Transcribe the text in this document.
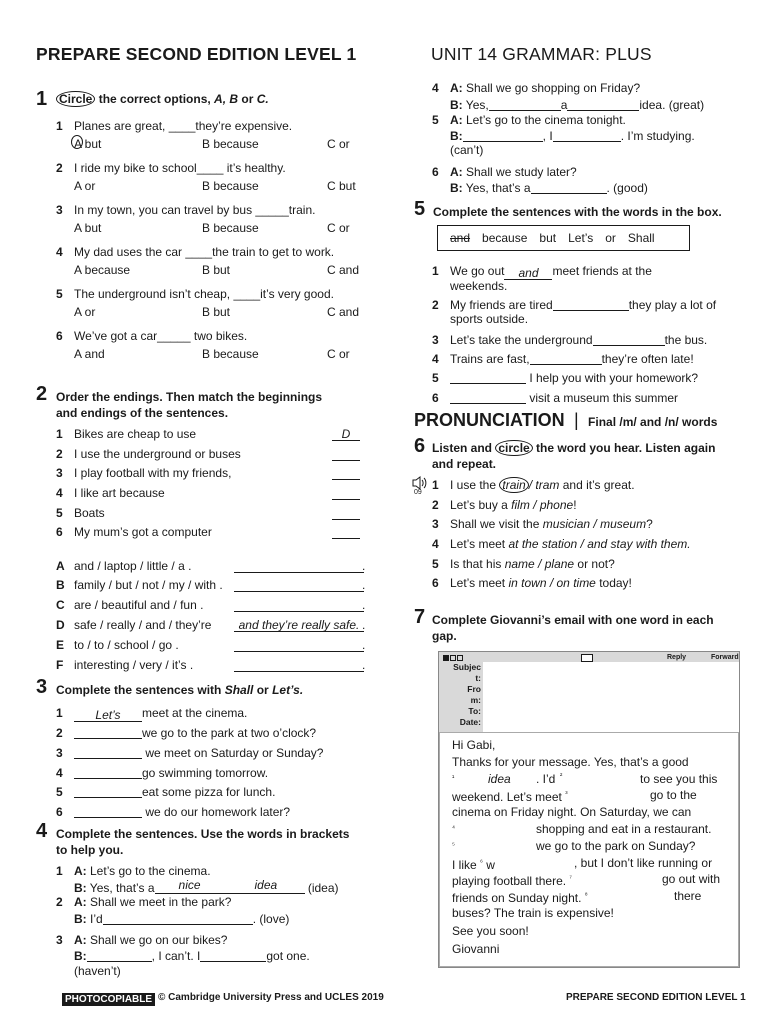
PREPARE SECOND EDITION LEVEL 1	UNIT 14 GRAMMAR: PLUS
1 Circle the correct options, A, B or C.
1 Planes are great, ____they’re expensive.
A but	B because	C or
2 I ride my bike to school____ it’s healthy.
A or	B because	C but
3 In my town, you can travel by bus _____train.
A but	B because	C or
4 My dad uses the car ____the train to get to work.
A because	B but	C and
5 The underground isn’t cheap, ____it’s very good.
A or	B but	C and
6 We’ve got a car_____ two bikes.
A and	B because	C or
2 Order the endings. Then match the beginnings
and endings of the sentences.
1 Bikes are cheap to use	D
2 I use the underground or buses
3 I play football with my friends,
4 I like art because
5 Boats
6 My mum’s got a computer
A and / laptop / little / a .	.
B family / but / not / my / with .	.
C are / beautiful and / fun .	.
D safe / really / and / they’re	and they’re really safe. .
E to / to / school / go .	.
F interesting / very / it’s .	.
3 Complete the sentences with Shall or Let’s.
1	Let’s meet at the cinema.
2	we go to the park at two o’clock?
3	we meet on Saturday or Sunday?
4	go swimming tomorrow.
5	eat some pizza for lunch.
6	we do our homework later?
4 Complete the sentences. Use the words in brackets
to help you.
1 A: Let’s go to the cinema.
B: Yes, that’s a nice	idea (idea)
2 A: Shall we meet in the park?
B: I’d	. (love)
3 A: Shall we go on our bikes?
B:	, I can’t. I	got one.
(haven’t)
4 A: Shall we go shopping on Friday?
B: Yes,	a	idea. (great)
5 A: Let’s go to the cinema tonight.
B:	, I	. I’m studying.
(can’t)
6 A: Shall we study later?
B: Yes, that’s a	. (good)
5 Complete the sentences with the words in the box.
and because but Let’s or Shall
1 We go out and meet friends at the
weekends.
2 My friends are tired	they play a lot of
sports outside.
3 Let’s take the underground	the bus.
4 Trains are fast,	they’re often late!
5	I help you with your homework?
6	visit a museum this summer
PRONUNCIATION | Final /m/ and /n/ words
6 Listen and circle the word you hear. Listen again
and repeat.
09
1 I use the train / tram and it’s great.
2 Let’s buy a film / phone!
3 Shall we visit the musician / museum?
4 Let’s meet at the station / and stay with them.
5 Is that his name / plane or not?
6 Let’s meet in town / on time today!
7 Complete Giovanni’s email with one word in each
gap.
Reply	Forward
Subjec
t:
Fro
m:
To:
Date:
Hi Gabi,
Thanks for your message. Yes, that’s a good
$^{^1}$	idea . I’d ²	to see you this
weekend. Let’s meet $^{^3}$	go to the
cinema on Friday night. On Saturday, we can
$^{^4}$	shopping and eat in a restaurant.
$^{^5}$	we go to the park on Sunday?
I like $^{^6}$ w	, but I don’t like running or
playing football there. $^{^7}$	go out with
friends on Sunday night. $^{^8}$	there
buses? The train is expensive!
See you soon!
Giovanni
PHOTOCOPIABLE © Cambridge University Press and UCLES 2019	PREPARE SECOND EDITION LEVEL 1
